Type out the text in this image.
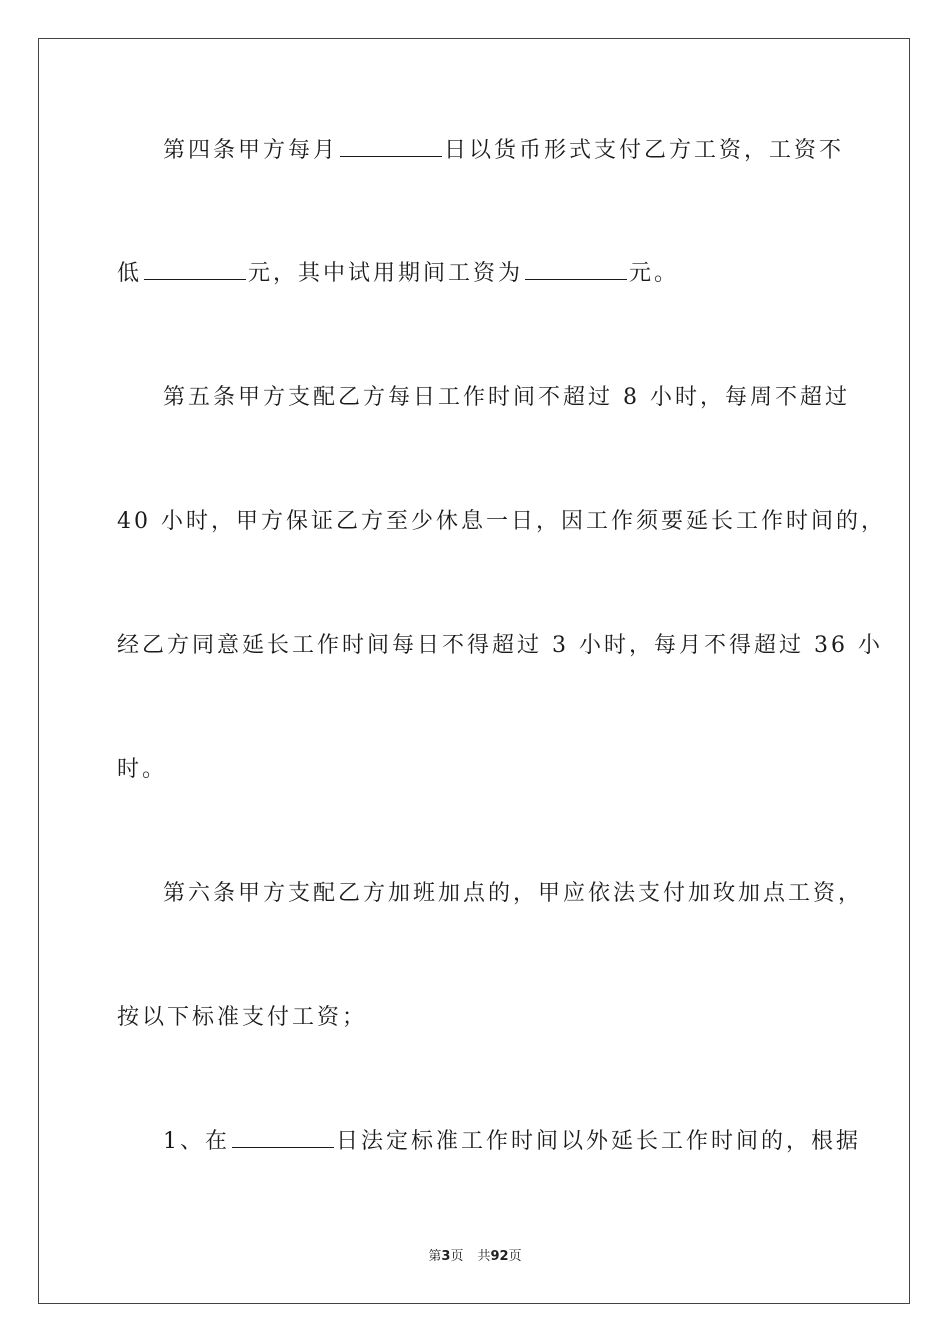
第四条甲方每月	日以货币形式支付乙方工资，工资不
低	元，其中试用期间工资为	元。
第五条甲方支配乙方每日工作时间不超过 8 小时，每周不超过
40 小时，甲方保证乙方至少休息一日，因工作须要延长工作时间的，
经乙方同意延长工作时间每日不得超过 3 小时，每月不得超过 36 小
时。
第六条甲方支配乙方加班加点的，甲应依法支付加玫加点工资，
按以下标准支付工资；
1、在	日法定标准工作时间以外延长工作时间的，根据
第3页 共92页
